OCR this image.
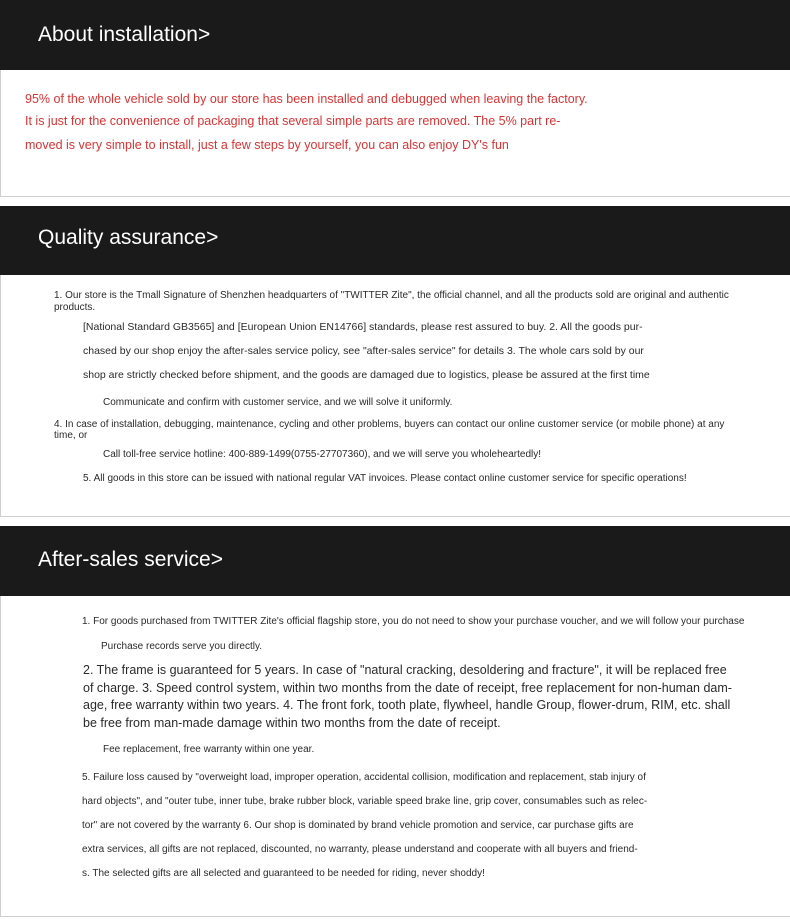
About installation>

95% of the whole vehicle sold by our store has been installed and debugged when leaving the factory.

It is just for the convenience of packaging that several simple parts are removed. The 5% part re-

moved is very simple to install, just a few steps by yourself, you can also enjoy DY's fun

Quality assurance>

1. Our store is the Tmall Signature of Shenzhen headquarters of "TWITTER Zite", the official channel, and all the products sold are original and authentic

products.

[National Standard GB3565] and [European Union EN14766] standards, please rest assured to buy. 2. All the goods pur-

chased by our shop enjoy the after-sales service policy, see "after-sales service" for details 3. The whole cars sold by our

shop are strictly checked before shipment, and the goods are damaged due to logistics, please be assured at the first time

Communicate and confirm with customer service, and we will solve it uniformly.

4. In case of installation, debugging, maintenance, cycling and other problems, buyers can contact our online customer service (or mobile phone) at any

time, or

Call toll-free service hotline: 400-889-1499(0755-27707360), and we will serve you wholeheartedly!

5. All goods in this store can be issued with national regular VAT invoices. Please contact online customer service for specific operations!

After-sales service>

1. For goods purchased from TWITTER Zite's official flagship store, you do not need to show your purchase voucher, and we will follow your purchase

Purchase records serve you directly.

2. The frame is guaranteed for 5 years. In case of "natural cracking, desoldering and fracture", it will be replaced free

of charge. 3. Speed control system, within two months from the date of receipt, free replacement for non-human dam-

age, free warranty within two years. 4. The front fork, tooth plate, flywheel, handle Group, flower-drum, RIM, etc. shall

be free from man-made damage within two months from the date of receipt.

Fee replacement, free warranty within one year.

5. Failure loss caused by "overweight load, improper operation, accidental collision, modification and replacement, stab injury of

hard objects", and "outer tube, inner tube, brake rubber block, variable speed brake line, grip cover, consumables such as relec-

tor" are not covered by the warranty 6. Our shop is dominated by brand vehicle promotion and service, car purchase gifts are

extra services, all gifts are not replaced, discounted, no warranty, please understand and cooperate with all buyers and friend-

s. The selected gifts are all selected and guaranteed to be needed for riding, never shoddy!
